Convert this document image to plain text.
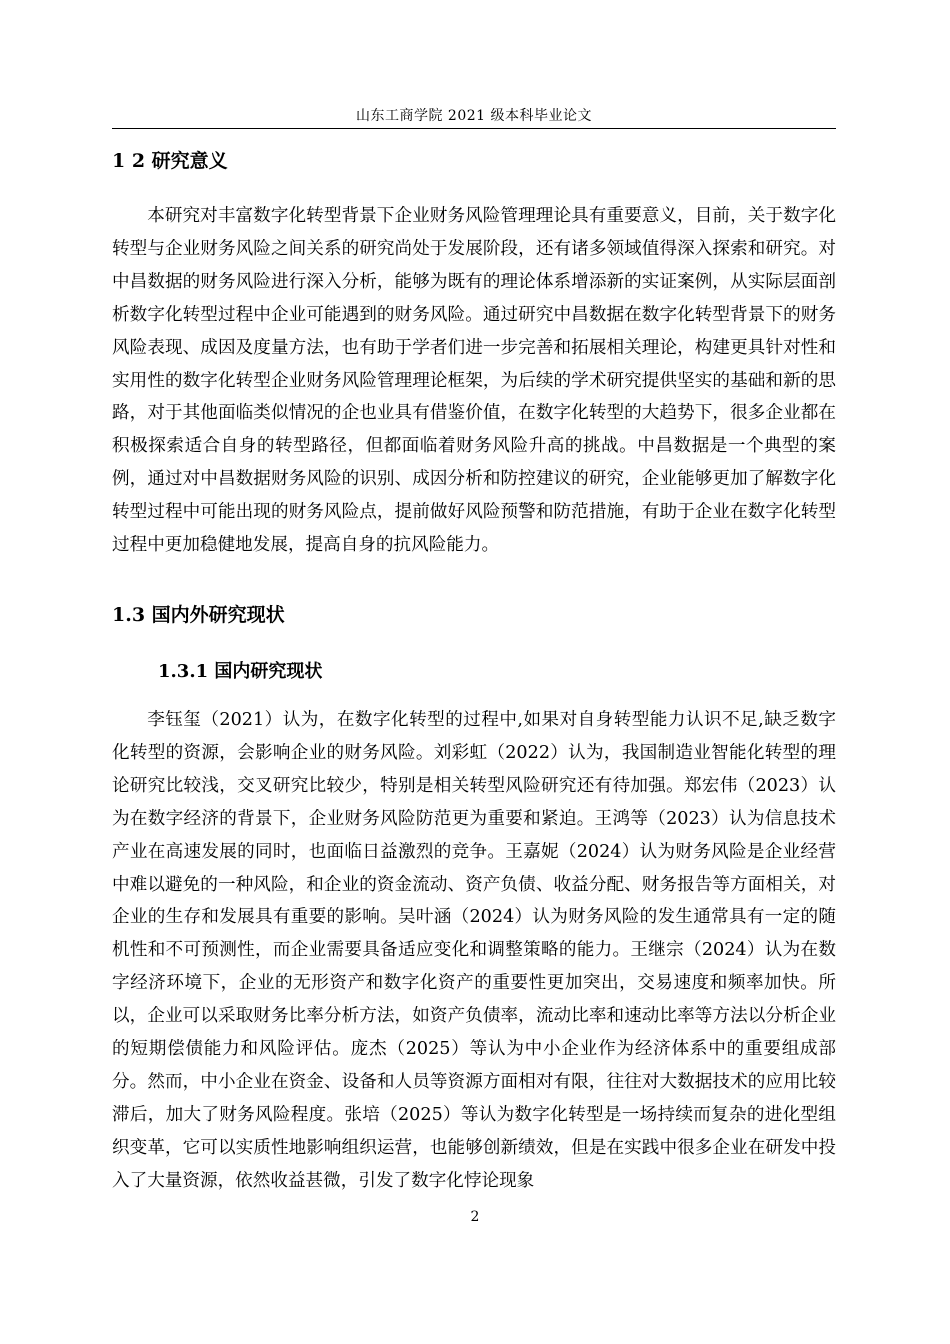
山东工商学院 2021 级本科毕业论文
1 2 研究意义

本研究对丰富数字化转型背景下企业财务风险管理理论具有重要意义，目前，关于数字化转型与企业财务风险之间关系的研究尚处于发展阶段，还有诸多领域值得深入探索和研究。对中昌数据的财务风险进行深入分析，能够为既有的理论体系增添新的实证案例，从实际层面剖析数字化转型过程中企业可能遇到的财务风险。通过研究中昌数据在数字化转型背景下的财务风险表现、成因及度量方法，也有助于学者们进一步完善和拓展相关理论，构建更具针对性和实用性的数字化转型企业财务风险管理理论框架，为后续的学术研究提供坚实的基础和新的思路，对于其他面临类似情况的企也业具有借鉴价值，在数字化转型的大趋势下，很多企业都在积极探索适合自身的转型路径，但都面临着财务风险升高的挑战。中昌数据是一个典型的案例，通过对中昌数据财务风险的识别、成因分析和防控建议的研究，企业能够更加了解数字化转型过程中可能出现的财务风险点，提前做好风险预警和防范措施，有助于企业在数字化转型过程中更加稳健地发展，提高自身的抗风险能力。

1.3 国内外研究现状
1.3.1 国内研究现状

李钰玺（2021）认为，在数字化转型的过程中,如果对自身转型能力认识不足,缺乏数字化转型的资源，会影响企业的财务风险。刘彩虹（2022）认为，我国制造业智能化转型的理论研究比较浅，交叉研究比较少，特别是相关转型风险研究还有待加强。郑宏伟（2023）认为在数字经济的背景下，企业财务风险防范更为重要和紧迫。王鸿等（2023）认为信息技术产业在高速发展的同时，也面临日益激烈的竞争。王嘉妮（2024）认为财务风险是企业经营中难以避免的一种风险，和企业的资金流动、资产负债、收益分配、财务报告等方面相关，对企业的生存和发展具有重要的影响。吴叶涵（2024）认为财务风险的发生通常具有一定的随机性和不可预测性，而企业需要具备适应变化和调整策略的能力。王继宗（2024）认为在数字经济环境下，企业的无形资产和数字化资产的重要性更加突出，交易速度和频率加快。所以，企业可以采取财务比率分析方法，如资产负债率，流动比率和速动比率等方法以分析企业的短期偿债能力和风险评估。庞杰（2025）等认为中小企业作为经济体系中的重要组成部分。然而，中小企业在资金、设备和人员等资源方面相对有限，往往对大数据技术的应用比较滞后，加大了财务风险程度。张培（2025）等认为数字化转型是一场持续而复杂的进化型组织变革，它可以实质性地影响组织运营，也能够创新绩效，但是在实践中很多企业在研发中投入了大量资源，依然收益甚微，引发了数字化悖论现象

2
